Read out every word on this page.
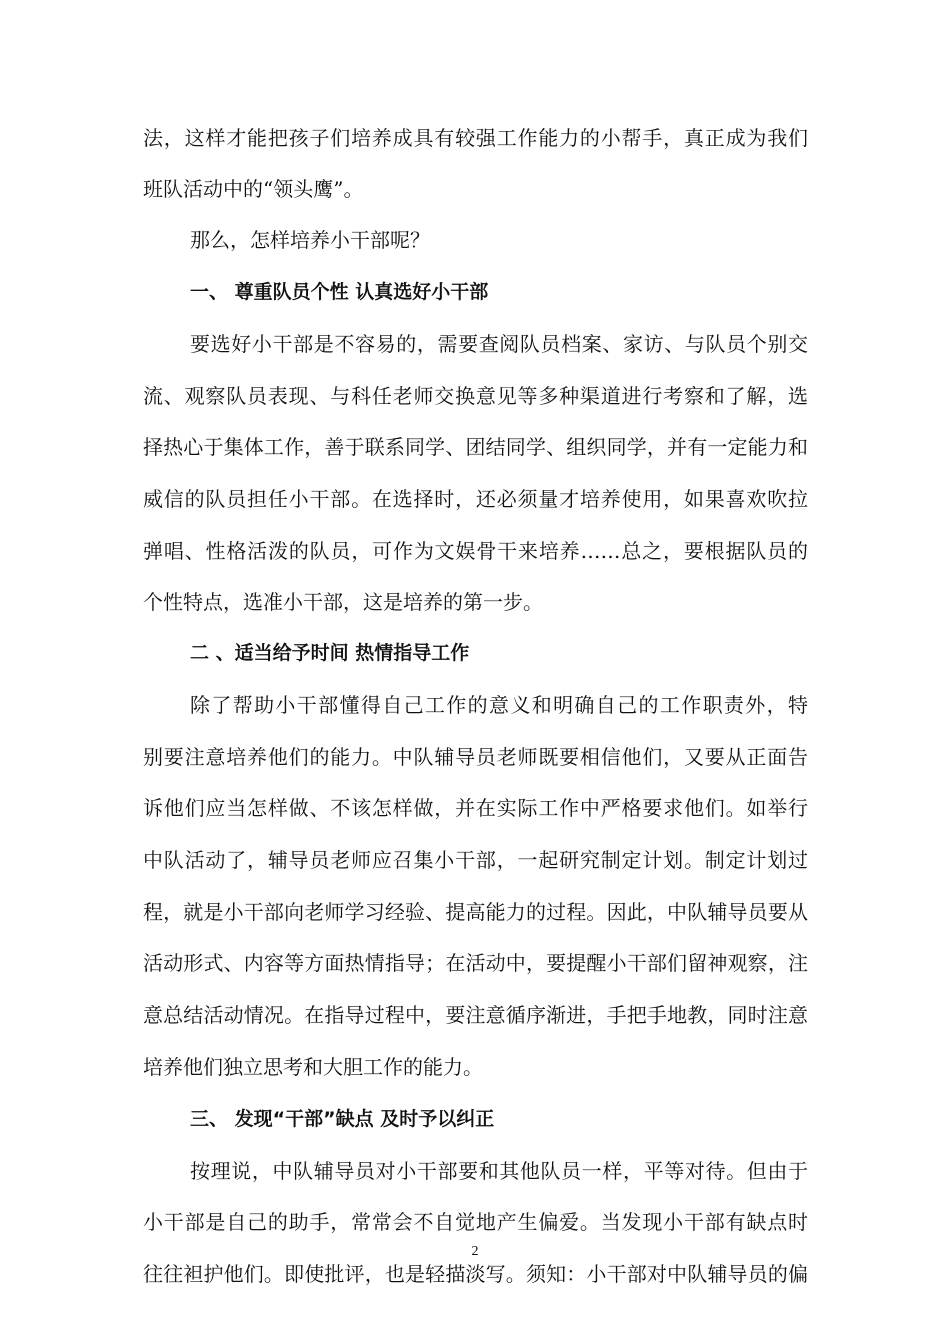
法，这样才能把孩子们培养成具有较强工作能力的小帮手，真正成为我们
班队活动中的“领头鹰”。
那么，怎样培养小干部呢？
一、 尊重队员个性 认真选好小干部
要选好小干部是不容易的，需要查阅队员档案、家访、与队员个别交
流、观察队员表现、与科任老师交换意见等多种渠道进行考察和了解，选
择热心于集体工作，善于联系同学、团结同学、组织同学，并有一定能力和
威信的队员担任小干部。在选择时，还必须量才培养使用，如果喜欢吹拉
弹唱、性格活泼的队员，可作为文娱骨干来培养……总之，要根据队员的
个性特点，选准小干部，这是培养的第一步。
二 、适当给予时间 热情指导工作
除了帮助小干部懂得自己工作的意义和明确自己的工作职责外，特
别要注意培养他们的能力。中队辅导员老师既要相信他们，又要从正面告
诉他们应当怎样做、不该怎样做，并在实际工作中严格要求他们。如举行
中队活动了，辅导员老师应召集小干部，一起研究制定计划。制定计划过
程，就是小干部向老师学习经验、提高能力的过程。因此，中队辅导员要从
活动形式、内容等方面热情指导；在活动中，要提醒小干部们留神观察，注
意总结活动情况。在指导过程中，要注意循序渐进，手把手地教，同时注意
培养他们独立思考和大胆工作的能力。
三、 发现“干部”缺点 及时予以纠正
按理说，中队辅导员对小干部要和其他队员一样，平等对待。但由于
小干部是自己的助手，常常会不自觉地产生偏爱。当发现小干部有缺点时
往往袒护他们。即使批评，也是轻描淡写。须知：小干部对中队辅导员的偏
2
